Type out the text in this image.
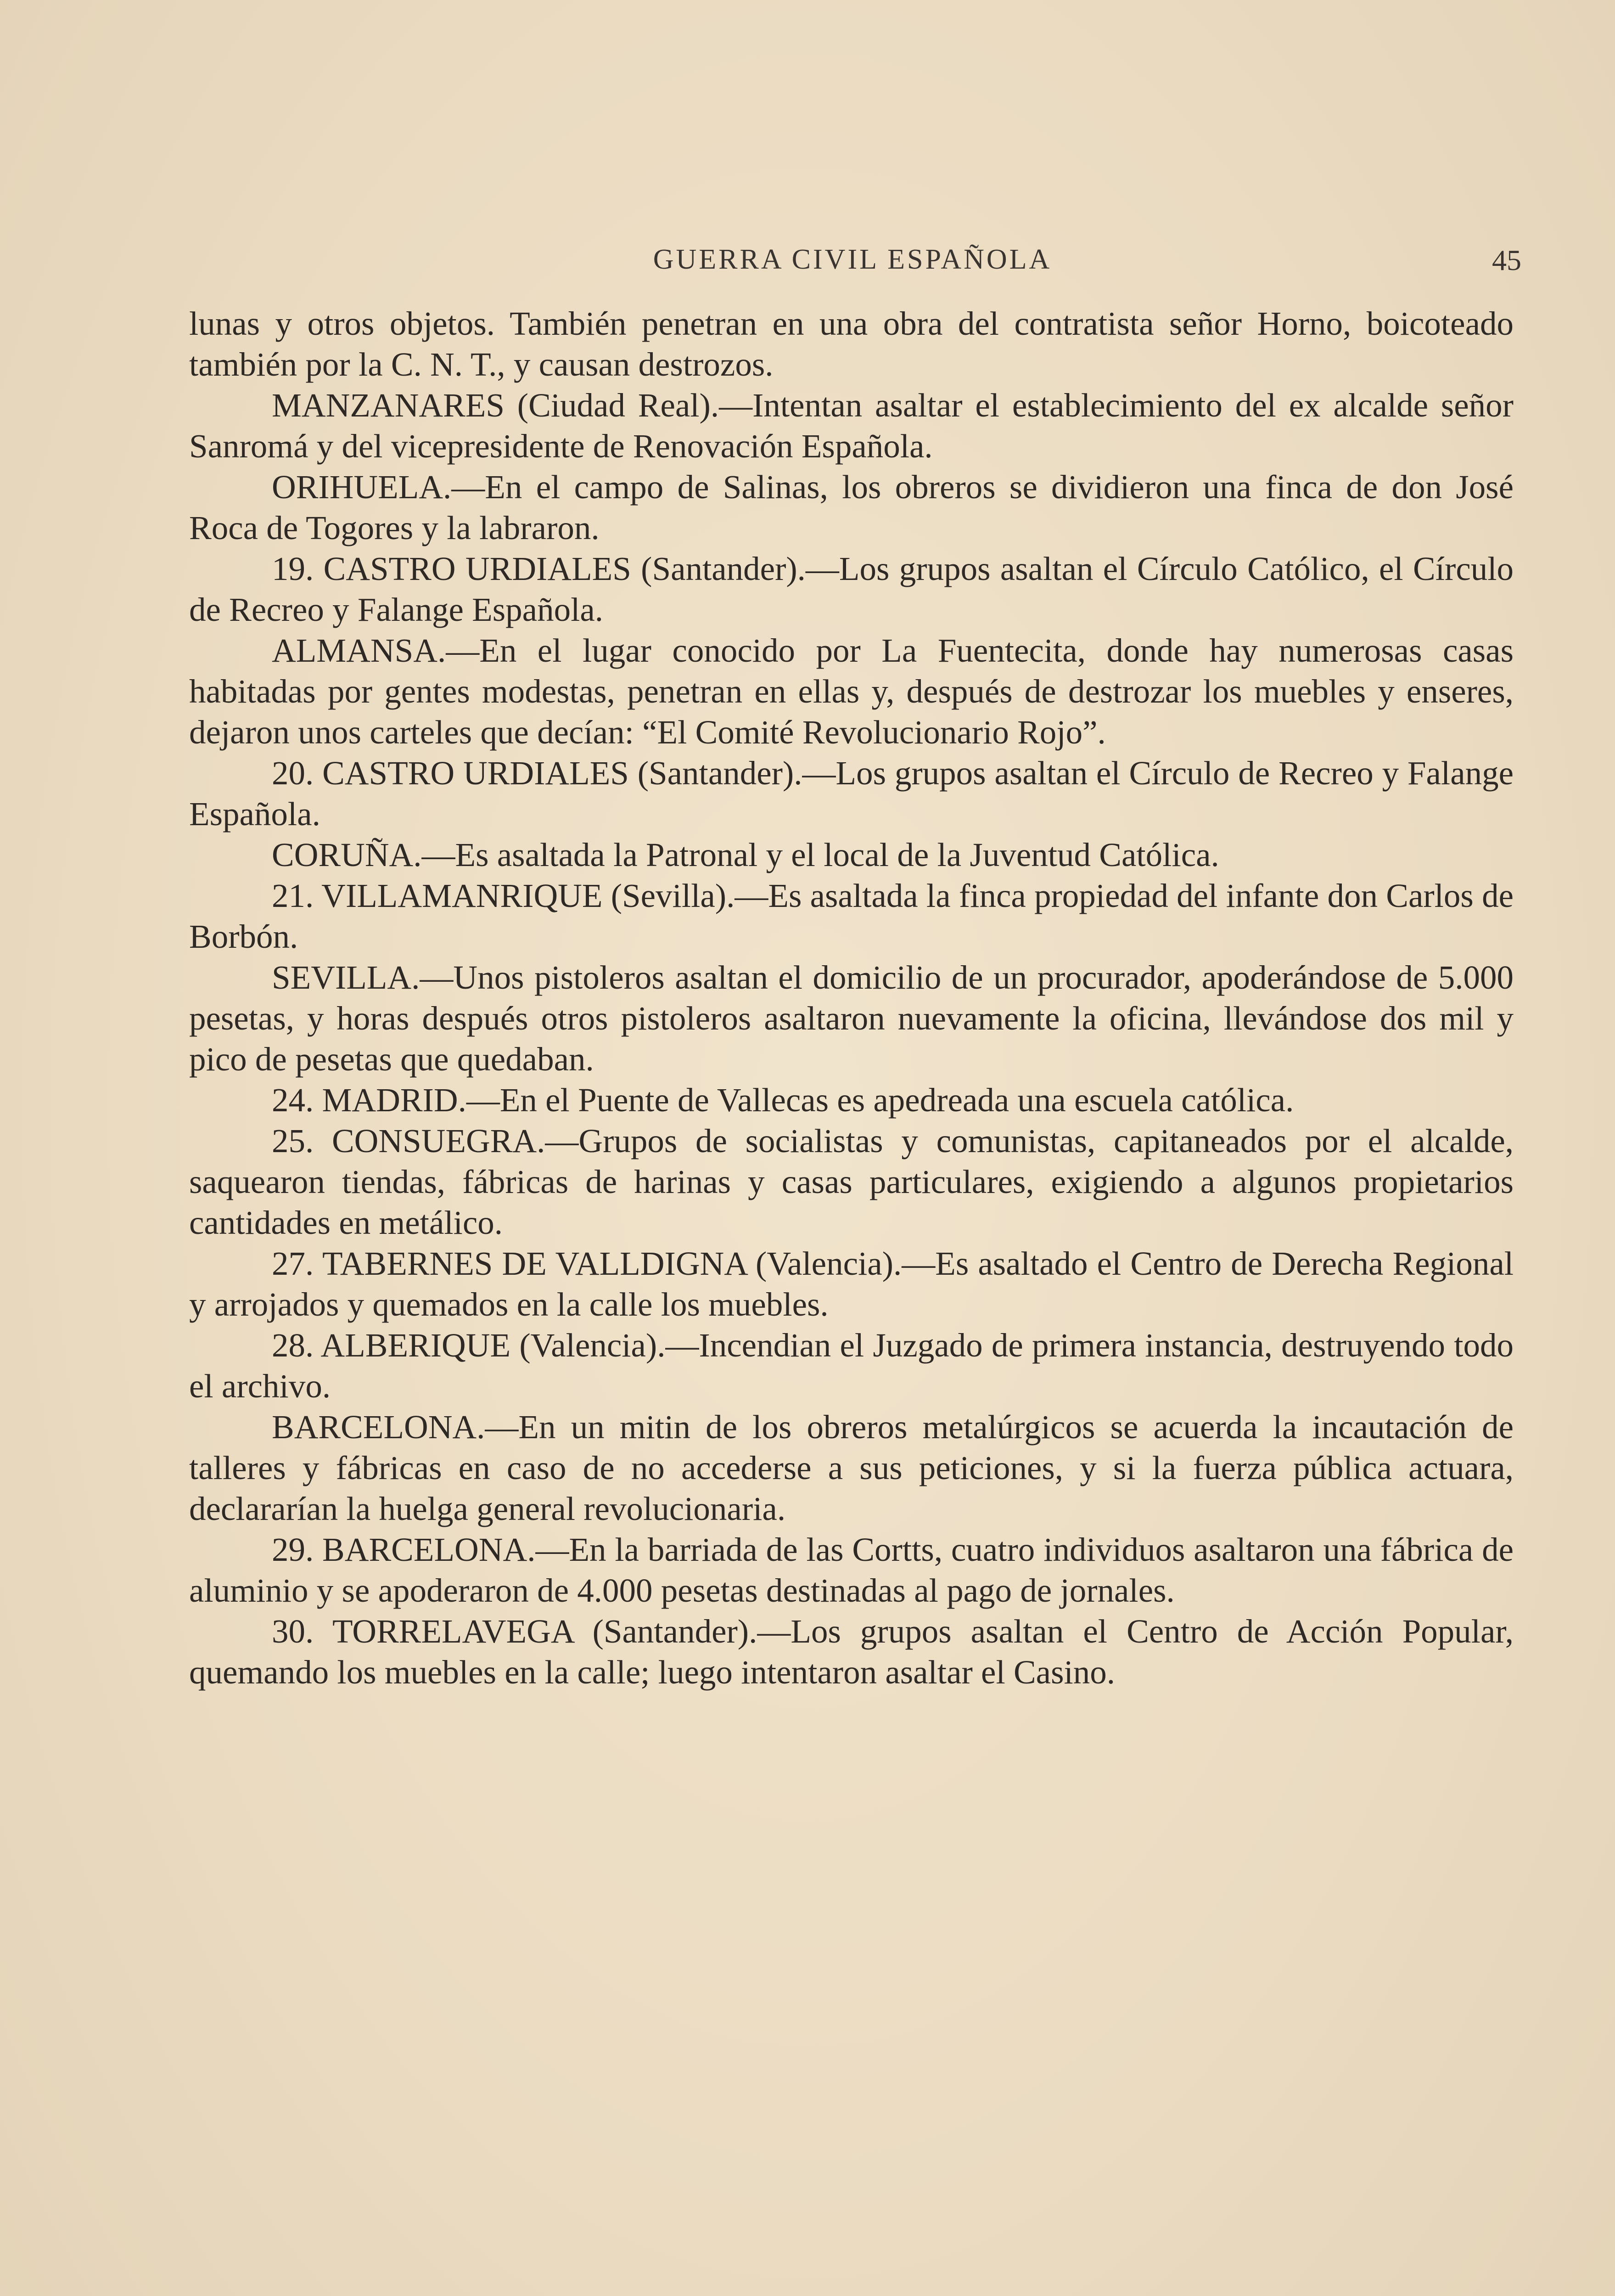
GUERRA CIVIL ESPAÑOLA	45

lunas y otros objetos. También penetran en una obra del contratista señor Horno, boicoteado también por la C. N. T., y causan destrozos.

MANZANARES (Ciudad Real).—Intentan asaltar el establecimiento del ex alcalde señor Sanromá y del vicepresidente de Renovación Española.

ORIHUELA.—En el campo de Salinas, los obreros se dividieron una finca de don José Roca de Togores y la labraron.

19. CASTRO URDIALES (Santander).—Los grupos asaltan el Círculo Católico, el Círculo de Recreo y Falange Española.

ALMANSA.—En el lugar conocido por La Fuentecita, donde hay numerosas casas habitadas por gentes modestas, penetran en ellas y, después de destrozar los muebles y enseres, dejaron unos carteles que decían: “El Comité Revolucionario Rojo”.

20. CASTRO URDIALES (Santander).—Los grupos asaltan el Círculo de Recreo y Falange Española.

CORUÑA.—Es asaltada la Patronal y el local de la Juventud Católica.

21. VILLAMANRIQUE (Sevilla).—Es asaltada la finca propiedad del infante don Carlos de Borbón.

SEVILLA.—Unos pistoleros asaltan el domicilio de un procurador, apoderándose de 5.000 pesetas, y horas después otros pistoleros asaltaron nuevamente la oficina, llevándose dos mil y pico de pesetas que quedaban.

24. MADRID.—En el Puente de Vallecas es apedreada una escuela católica.

25. CONSUEGRA.—Grupos de socialistas y comunistas, capitaneados por el alcalde, saquearon tiendas, fábricas de harinas y casas particulares, exigiendo a algunos propietarios cantidades en metálico.

27. TABERNES DE VALLDIGNA (Valencia).—Es asaltado el Centro de Derecha Regional y arrojados y quemados en la calle los muebles.

28. ALBERIQUE (Valencia).—Incendian el Juzgado de primera instancia, destruyendo todo el archivo.

BARCELONA.—En un mitin de los obreros metalúrgicos se acuerda la incautación de talleres y fábricas en caso de no accederse a sus peticiones, y si la fuerza pública actuara, declararían la huelga general revolucionaria.

29. BARCELONA.—En la barriada de las Cortts, cuatro individuos asaltaron una fábrica de aluminio y se apoderaron de 4.000 pesetas destinadas al pago de jornales.

30. TORRELAVEGA (Santander).—Los grupos asaltan el Centro de Acción Popular, quemando los muebles en la calle; luego intentaron asaltar el Casino.
